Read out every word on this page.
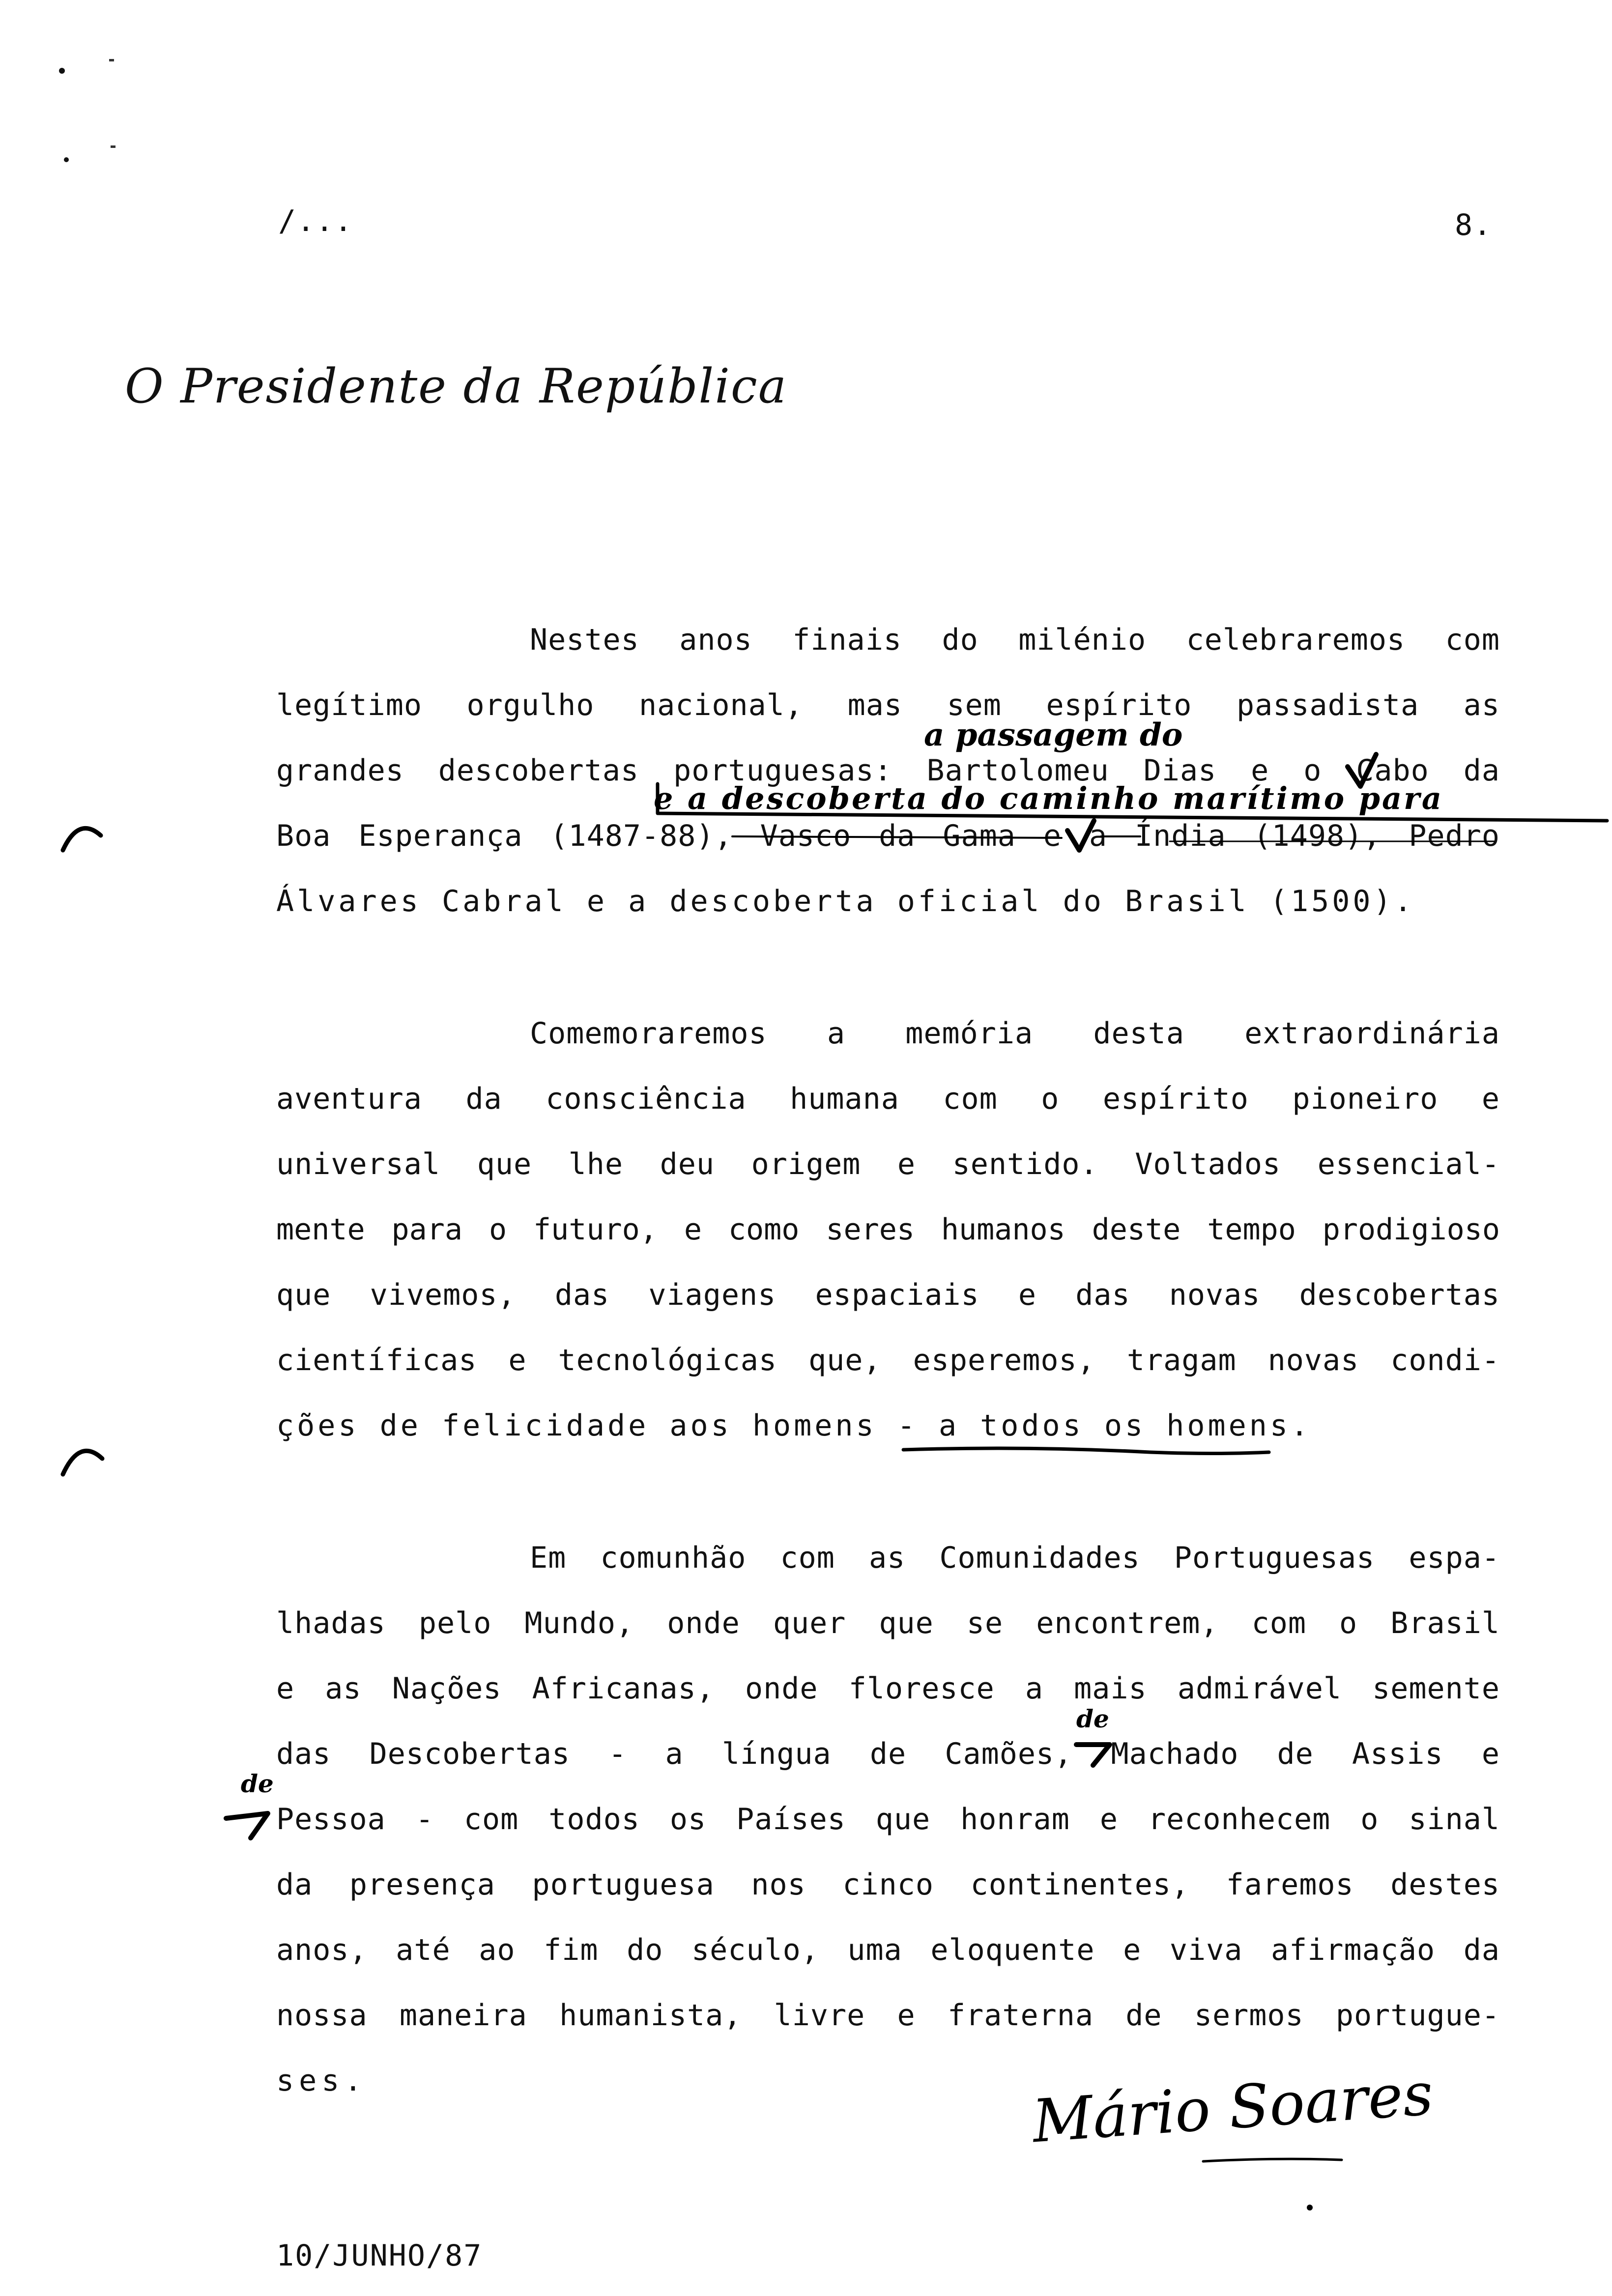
/...	8.
O Presidente da República
Nestes anos finais do milénio celebraremos com
legítimo orgulho nacional, mas sem espírito passadista as
grandes descobertas portuguesas: Bartolomeu Dias e o Cabo da
Boa Esperança (1487-88), Vasco da Gama e a Índia (1498), Pedro
Álvares Cabral e a descoberta oficial do Brasil (1500).
Comemoraremos a memória desta extraordinária
aventura da consciência humana com o espírito pioneiro e
universal que lhe deu origem e sentido. Voltados essencial-
mente para o futuro, e como seres humanos deste tempo prodigioso
que vivemos, das viagens espaciais e das novas descobertas
científicas e tecnológicas que, esperemos, tragam novas condi-
ções de felicidade aos homens - a todos os homens.
Em comunhão com as Comunidades Portuguesas espa-
lhadas pelo Mundo, onde quer que se encontrem, com o Brasil
e as Nações Africanas, onde floresce a mais admirável semente
das Descobertas - a língua de Camões, Machado de Assis e
Pessoa - com todos os Países que honram e reconhecem o sinal
da presença portuguesa nos cinco continentes, faremos destes
anos, até ao fim do século, uma eloquente e viva afirmação da
nossa maneira humanista, livre e fraterna de sermos portugue-
ses.
a passagem do
e a descoberta do caminho marítimo para
de
de
Mário Soares
10/JUNHO/87
